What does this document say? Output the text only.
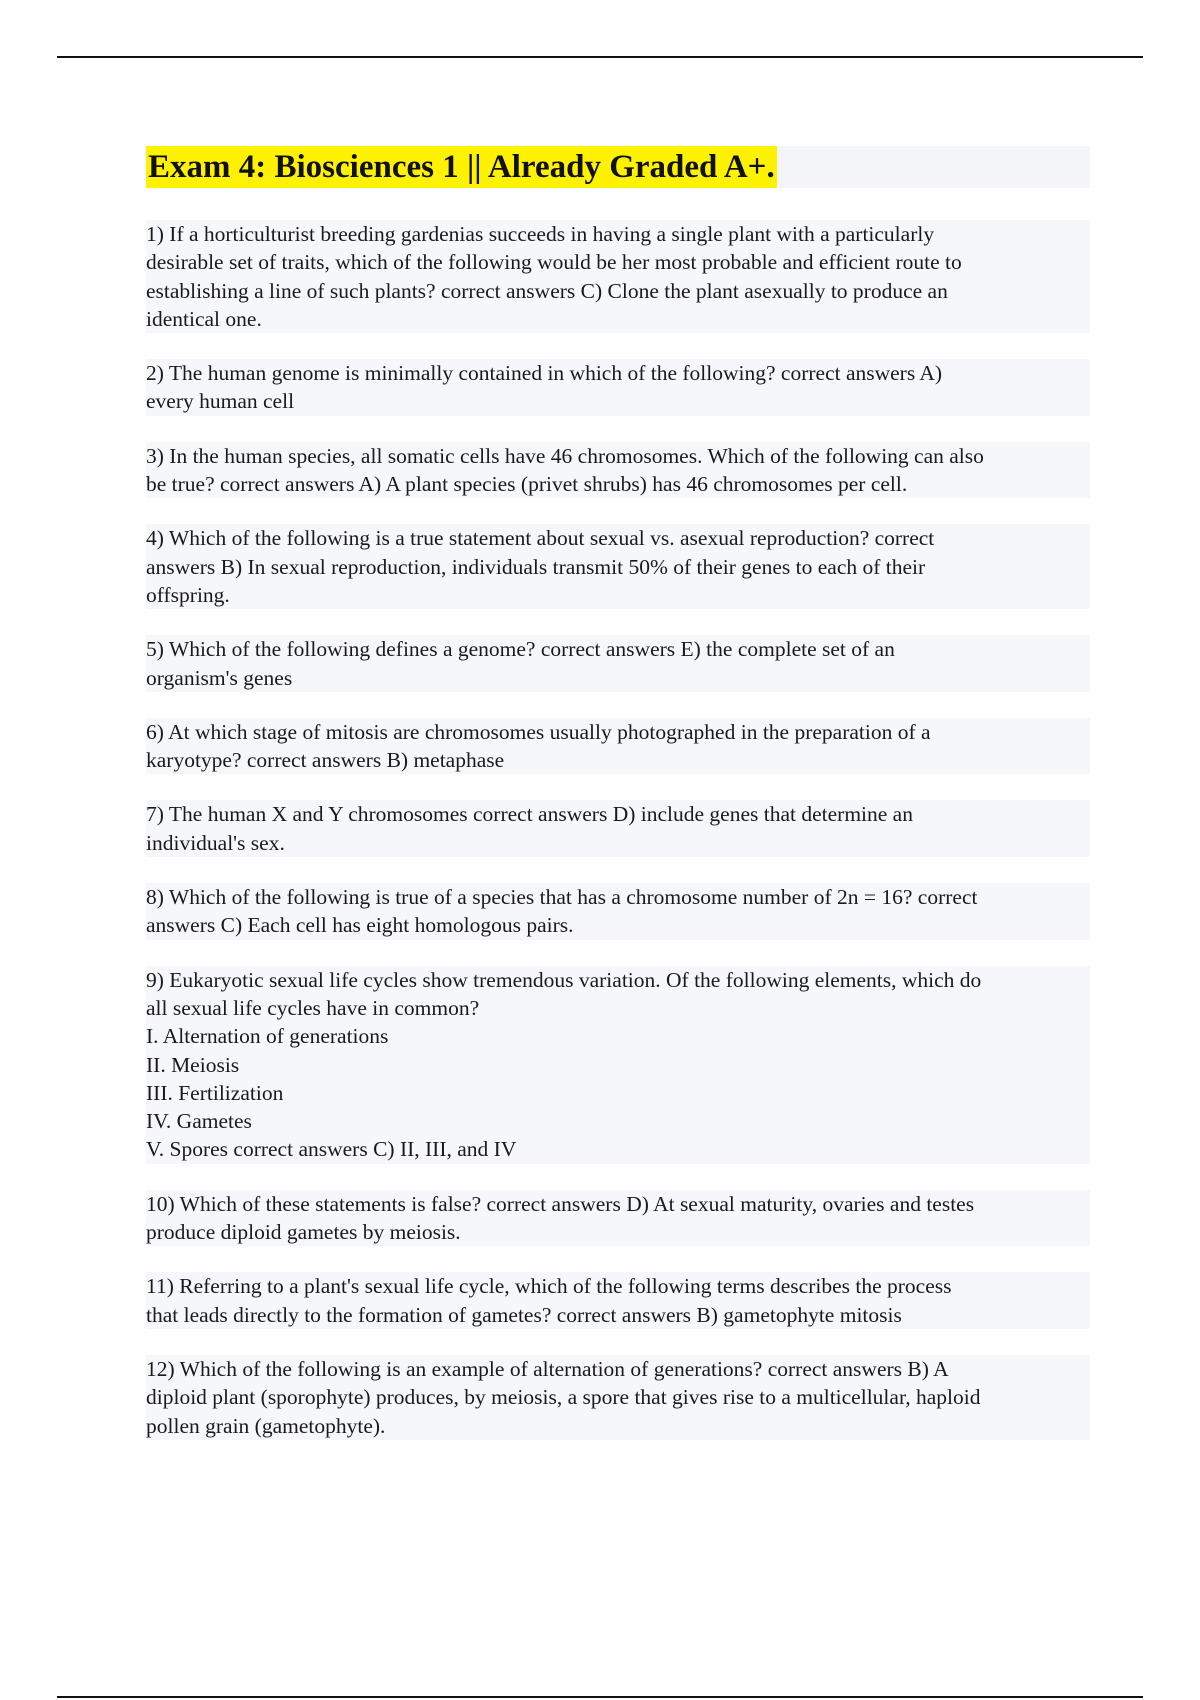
Exam 4: Biosciences 1 || Already Graded A+.
1) If a horticulturist breeding gardenias succeeds in having a single plant with a particularly
desirable set of traits, which of the following would be her most probable and efficient route to
establishing a line of such plants? correct answers C) Clone the plant asexually to produce an
identical one.
2) The human genome is minimally contained in which of the following? correct answers A)
every human cell
3) In the human species, all somatic cells have 46 chromosomes. Which of the following can also
be true? correct answers A) A plant species (privet shrubs) has 46 chromosomes per cell.
4) Which of the following is a true statement about sexual vs. asexual reproduction? correct
answers B) In sexual reproduction, individuals transmit 50% of their genes to each of their
offspring.
5) Which of the following defines a genome? correct answers E) the complete set of an
organism's genes
6) At which stage of mitosis are chromosomes usually photographed in the preparation of a
karyotype? correct answers B) metaphase
7) The human X and Y chromosomes correct answers D) include genes that determine an
individual's sex.
8) Which of the following is true of a species that has a chromosome number of 2n = 16? correct
answers C) Each cell has eight homologous pairs.
9) Eukaryotic sexual life cycles show tremendous variation. Of the following elements, which do
all sexual life cycles have in common?
I. Alternation of generations
II. Meiosis
III. Fertilization
IV. Gametes
V. Spores correct answers C) II, III, and IV
10) Which of these statements is false? correct answers D) At sexual maturity, ovaries and testes
produce diploid gametes by meiosis.
11) Referring to a plant's sexual life cycle, which of the following terms describes the process
that leads directly to the formation of gametes? correct answers B) gametophyte mitosis
12) Which of the following is an example of alternation of generations? correct answers B) A
diploid plant (sporophyte) produces, by meiosis, a spore that gives rise to a multicellular, haploid
pollen grain (gametophyte).
